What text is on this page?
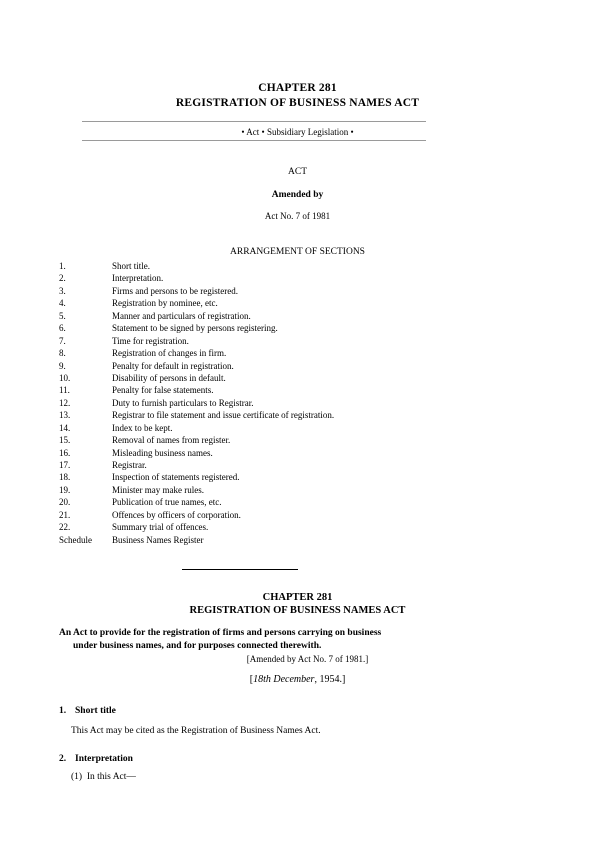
CHAPTER 281
REGISTRATION OF BUSINESS NAMES ACT
• Act • Subsidiary Legislation •
ACT
Amended by
Act No. 7 of 1981
ARRANGEMENT OF SECTIONS
1.	Short title.
2.	Interpretation.
3.	Firms and persons to be registered.
4.	Registration by nominee, etc.
5.	Manner and particulars of registration.
6.	Statement to be signed by persons registering.
7.	Time for registration.
8.	Registration of changes in firm.
9.	Penalty for default in registration.
10.	Disability of persons in default.
11.	Penalty for false statements.
12.	Duty to furnish particulars to Registrar.
13.	Registrar to file statement and issue certificate of registration.
14.	Index to be kept.
15.	Removal of names from register.
16.	Misleading business names.
17.	Registrar.
18.	Inspection of statements registered.
19.	Minister may make rules.
20.	Publication of true names, etc.
21.	Offences by officers of corporation.
22.	Summary trial of offences.
Schedule Business Names Register
CHAPTER 281
REGISTRATION OF BUSINESS NAMES ACT
An Act to provide for the registration of firms and persons carrying on business
under business names, and for purposes connected therewith.
[Amended by Act No. 7 of 1981.]
[18th December, 1954.]
1. Short title
This Act may be cited as the Registration of Business Names Act.
2. Interpretation
(1) In this Act—
